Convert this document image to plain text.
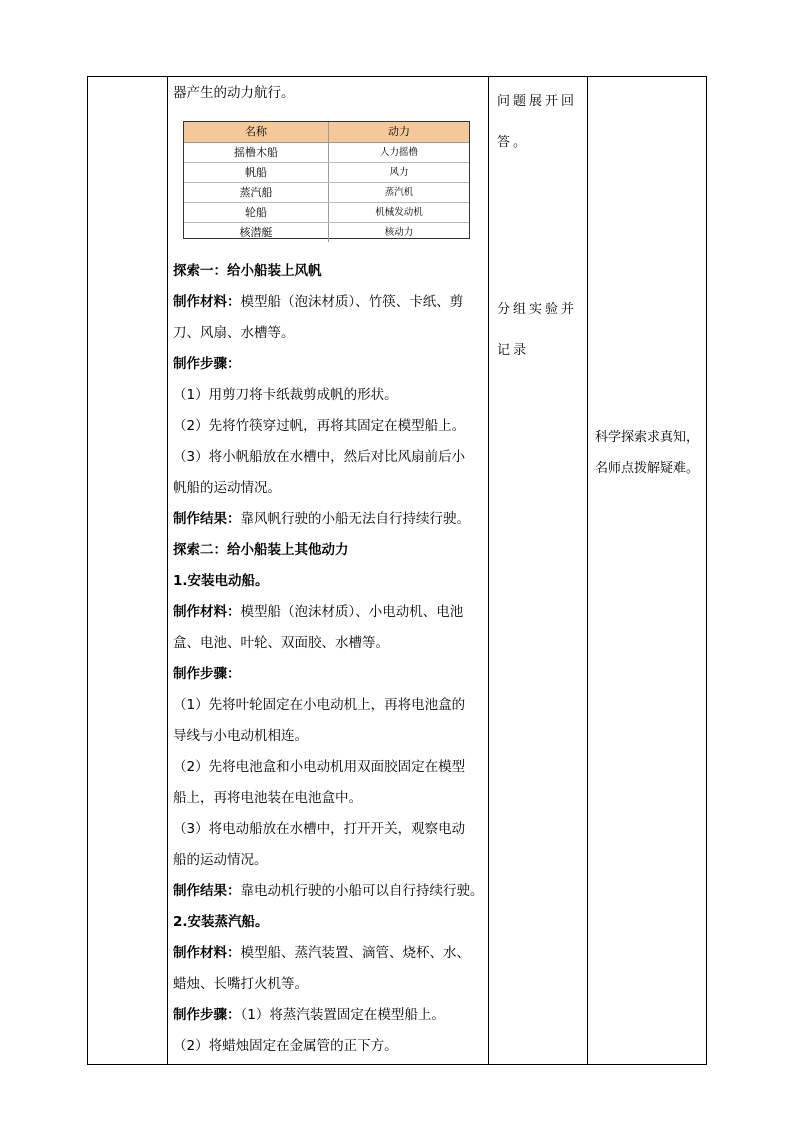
器产生的动力航行。
名称	动力
摇橹木船	人力摇橹
帆船	风力
蒸汽船	蒸汽机
轮船	机械发动机
核潜艇	核动力
探索一：给小船装上风帆
制作材料：模型船（泡沫材质）、竹筷、卡纸、剪
刀、风扇、水槽等。
制作步骤：
（1）用剪刀将卡纸裁剪成帆的形状。
（2）先将竹筷穿过帆，再将其固定在模型船上。
（3）将小帆船放在水槽中，然后对比风扇前后小
帆船的运动情况。
制作结果：靠风帆行驶的小船无法自行持续行驶。
探索二：给小船装上其他动力
1.安装电动船。
制作材料：模型船（泡沫材质）、小电动机、电池
盒、电池、叶轮、双面胶、水槽等。
制作步骤：
（1）先将叶轮固定在小电动机上，再将电池盒的
导线与小电动机相连。
（2）先将电池盒和小电动机用双面胶固定在模型
船上，再将电池装在电池盒中。
（3）将电动船放在水槽中，打开开关，观察电动
船的运动情况。
制作结果：靠电动机行驶的小船可以自行持续行驶。
2.安装蒸汽船。
制作材料：模型船、蒸汽装置、滴管、烧杯、水、
蜡烛、长嘴打火机等。
制作步骤：（1）将蒸汽装置固定在模型船上。
（2）将蜡烛固定在金属管的正下方。
问题展开回
答。
分组实验并
记录
科学探索求真知，
名师点拨解疑难。
